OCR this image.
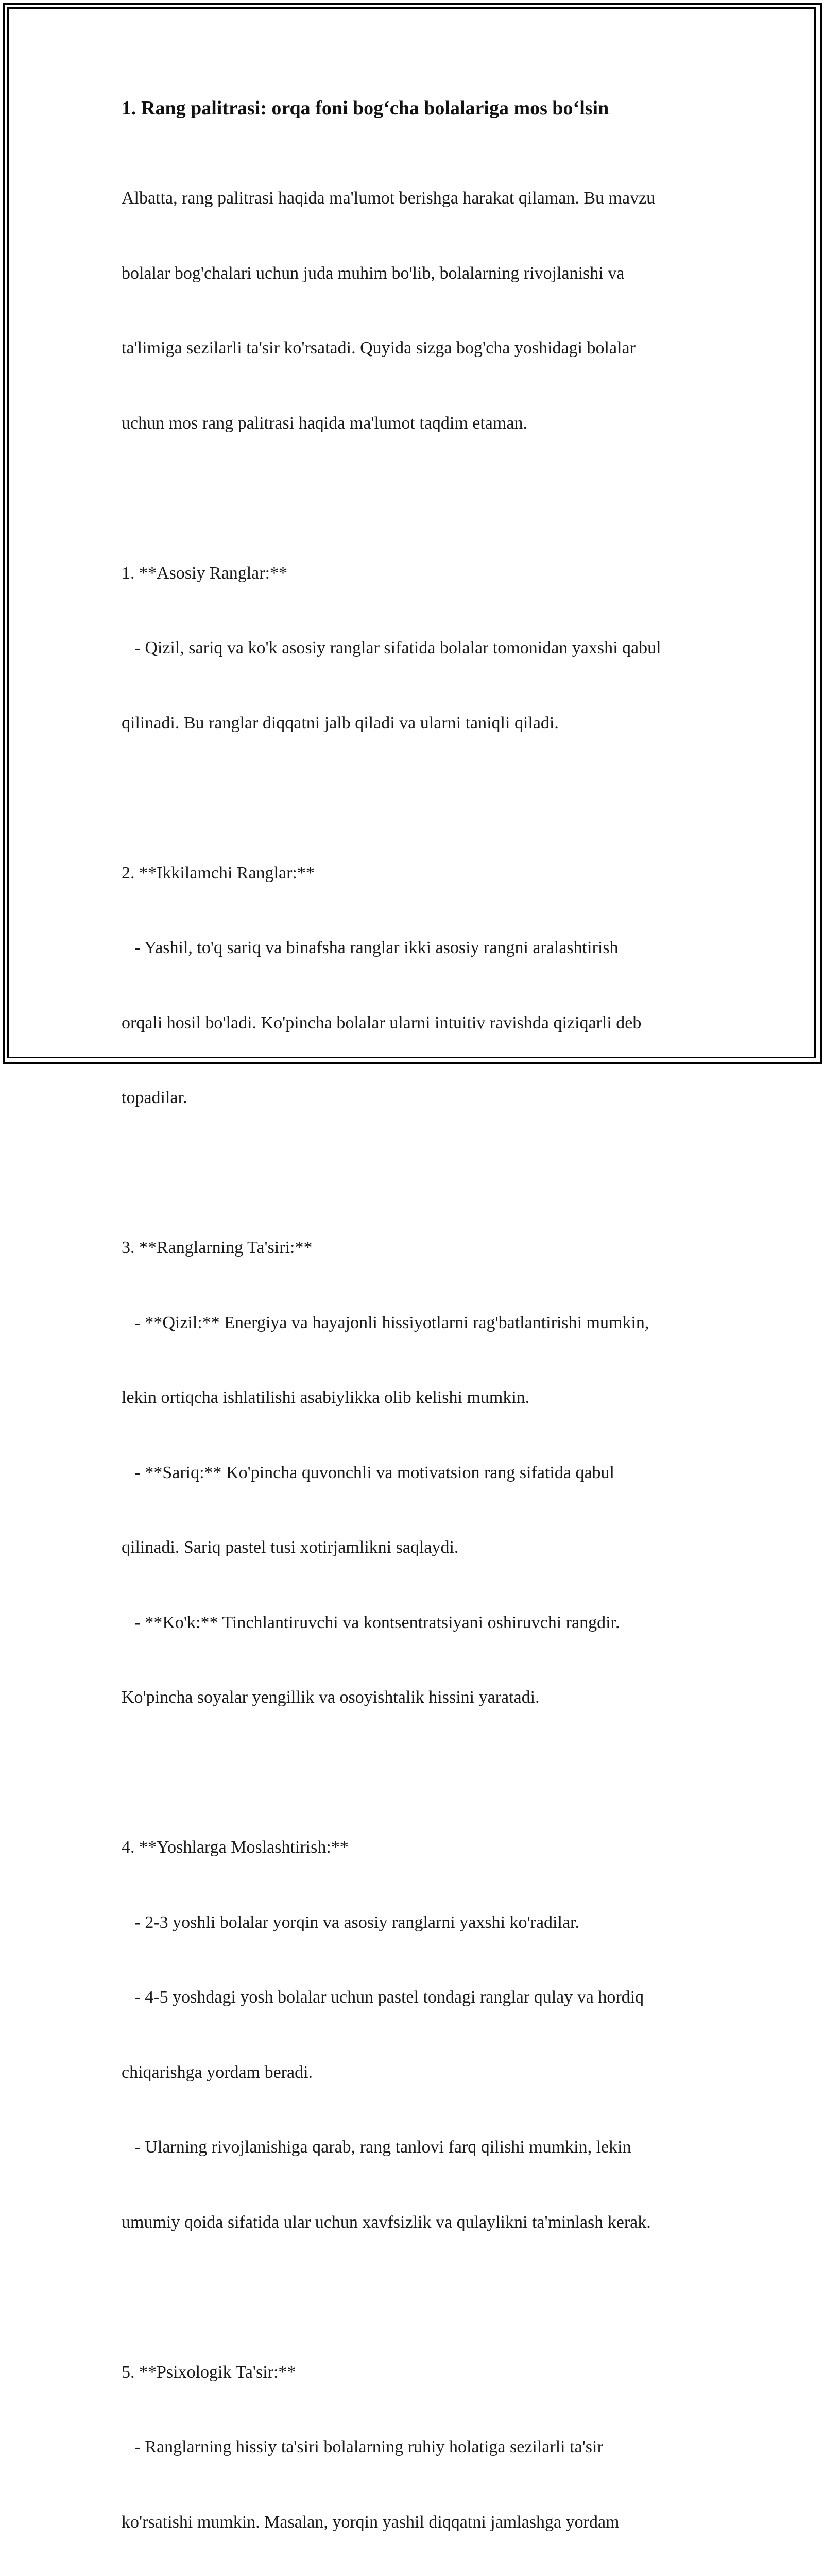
1. Rang palitrasi: orqa foni bog‘cha bolalariga mos bo‘lsin

Albatta, rang palitrasi haqida ma'lumot berishga harakat qilaman. Bu mavzu

bolalar bog'chalari uchun juda muhim bo'lib, bolalarning rivojlanishi va

ta'limiga sezilarli ta'sir ko'rsatadi. Quyida sizga bog'cha yoshidagi bolalar

uchun mos rang palitrasi haqida ma'lumot taqdim etaman.

1. **Asosiy Ranglar:**

- Qizil, sariq va ko'k asosiy ranglar sifatida bolalar tomonidan yaxshi qabul

qilinadi. Bu ranglar diqqatni jalb qiladi va ularni taniqli qiladi.

2. **Ikkilamchi Ranglar:**

- Yashil, to'q sariq va binafsha ranglar ikki asosiy rangni aralashtirish

orqali hosil bo'ladi. Ko'pincha bolalar ularni intuitiv ravishda qiziqarli deb

topadilar.

3. **Ranglarning Ta'siri:**

- **Qizil:** Energiya va hayajonli hissiyotlarni rag'batlantirishi mumkin,

lekin ortiqcha ishlatilishi asabiylikka olib kelishi mumkin.

- **Sariq:** Ko'pincha quvonchli va motivatsion rang sifatida qabul

qilinadi. Sariq pastel tusi xotirjamlikni saqlaydi.

- **Ko'k:** Tinchlantiruvchi va kontsentratsiyani oshiruvchi rangdir.

Ko'pincha soyalar yengillik va osoyishtalik hissini yaratadi.

4. **Yoshlarga Moslashtirish:**

- 2-3 yoshli bolalar yorqin va asosiy ranglarni yaxshi ko'radilar.

- 4-5 yoshdagi yosh bolalar uchun pastel tondagi ranglar qulay va hordiq

chiqarishga yordam beradi.

- Ularning rivojlanishiga qarab, rang tanlovi farq qilishi mumkin, lekin

umumiy qoida sifatida ular uchun xavfsizlik va qulaylikni ta'minlash kerak.

5. **Psixologik Ta'sir:**

- Ranglarning hissiy ta'siri bolalarning ruhiy holatiga sezilarli ta'sir

ko'rsatishi mumkin. Masalan, yorqin yashil diqqatni jamlashga yordam
